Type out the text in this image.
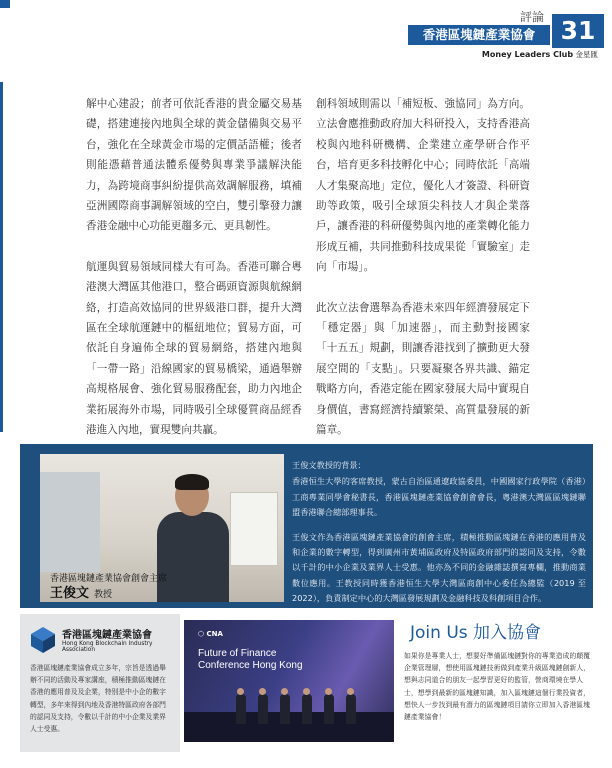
評論
香港區塊鏈產業協會	31
Money Leaders Club 金星匯

解中心建設；前者可依託香港的貴金屬交易基礎，搭建連接內地與全球的黃金儲備與交易平台，強化在全球黃金市場的定價話語權；後者則能憑藉普通法體系優勢與專業爭議解決能力，為跨境商事糾紛提供高效調解服務，填補亞洲國際商事調解領域的空白，雙引擎發力讓香港金融中心功能更趨多元、更具韌性。

航運與貿易領域同樣大有可為。香港可聯合粵港澳大灣區其他港口，整合碼頭資源與航線網絡，打造高效協同的世界級港口群，提升大灣區在全球航運鏈中的樞紐地位；貿易方面，可依託自身遍佈全球的貿易網絡，搭建內地與「一帶一路」沿線國家的貿易橋梁，通過舉辦高規格展會、強化貿易服務配套，助力內地企業拓展海外市場，同時吸引全球優質商品經香港進入內地，實現雙向共贏。

創科領域則需以「補短板、強協同」為方向。立法會應推動政府加大科研投入，支持香港高校與內地科研機構、企業建立產學研合作平台，培育更多科技孵化中心；同時依託「高端人才集聚高地」定位，優化人才簽證、科研資助等政策，吸引全球頂尖科技人才與企業落戶，讓香港的科研優勢與內地的產業轉化能力形成互補，共同推動科技成果從「實驗室」走向「市場」。

此次立法會選舉為香港未來四年經濟發展定下「穩定器」與「加速器」，而主動對接國家「十五五」規劃，則讓香港找到了擴動更大發展空間的「支點」。只要凝聚各界共識、錨定戰略方向，香港定能在國家發展大局中實現自身價值，書寫經濟持續繁榮、高質量發展的新篇章。

香港區塊鏈產業協會創會主席
王俊文 教授
王俊文教授的背景：

香港恒生大學的客席教授，蒙古自治區通遼政協委員，中國國家行政學院（香港）工商專業同學會秘書長，香港區塊鏈產業協會創會會長，粵港澳大灣區區塊鏈聯盟香港聯合總部理事長。

王俊文作為香港區塊鏈產業協會的創會主席，積極推動區塊鏈在香港的應用普及和企業的數字轉型，得到廣州市黃埔區政府及特區政府部門的認同及支持，令數以千計的中小企業及業界人士受惠。他亦為不同的金融雜誌撰寫專欄，推動商業數位應用。王教授同時獲香港恒生大學大灣區商創中心委任為總監（2019 至 2022），負責制定中心的大灣區發展規劃及金融科技及科創項目合作。

香港區塊鏈產業協會
Hong Kong Blockchain Industry Association
香港區塊鏈產業協會成立多年，宗旨是透過舉辦不同的活動及專家講座，積極推動區塊鏈在香港的應用普及及企業，特別是中小企的數字轉型，多年來得到內地及香港特區政府各部門的認同及支持，令數以千計的中小企業及業界人士受惠。
⬡ CNA
Future of Finance
Conference Hong Kong
Join Us 加入協會
如果你是專業人士，想要好準備區塊鏈對你的專業造成的顛覆企業管理層，想使用區塊鏈技術做到產業升級區塊鏈創新人，想與志同道合的朋友一起學習更好的監管，營商環境在學人士，想學到最新的區塊鏈知識，加入區塊鏈這個行業投資者，想快人一步找到最有潛力的區塊鏈項目請你立即加入香港區塊鏈產業協會！
